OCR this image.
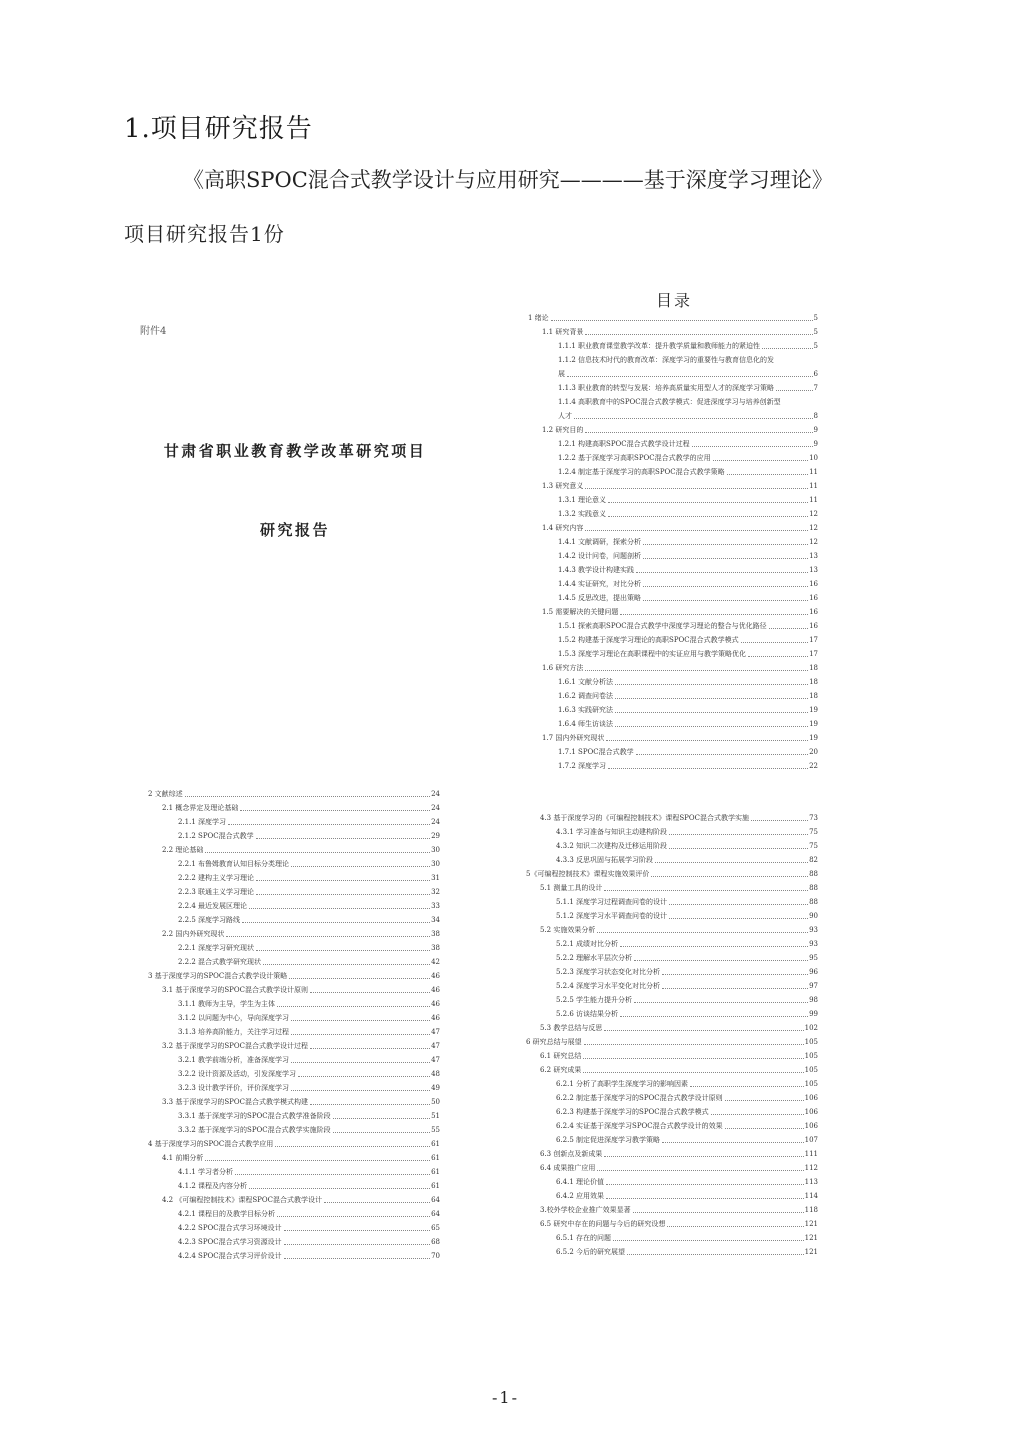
1.项目研究报告
《高职SPOC混合式教学设计与应用研究————基于深度学习理论》
项目研究报告1份
附件4
甘肃省职业教育教学改革研究项目
研究报告
目录
1 绪论	5
1.1 研究背景	5
1.1.1 职业教育课堂教学改革：提升教学质量和教师能力的紧迫性	5
1.1.2 信息技术时代的教育改革：深度学习的重要性与教育信息化的发
展	6
1.1.3 职业教育的转型与发展：培养高质量实用型人才的深度学习策略	7
1.1.4 高职教育中的SPOC混合式教学模式：促进深度学习与培养创新型
人才	8
1.2 研究目的	9
1.2.1 构建高职SPOC混合式教学设计过程	9
1.2.2 基于深度学习高职SPOC混合式教学的应用	10
1.2.4 制定基于深度学习的高职SPOC混合式教学策略	11
1.3 研究意义	11
1.3.1 理论意义	11
1.3.2 实践意义	12
1.4 研究内容	12
1.4.1 文献调研，探索分析	12
1.4.2 设计问卷，问题剖析	13
1.4.3 教学设计构建实践	13
1.4.4 实证研究，对比分析	16
1.4.5 反思改进，提出策略	16
1.5 需要解决的关键问题	16
1.5.1 探索高职SPOC混合式教学中深度学习理论的整合与优化路径	16
1.5.2 构建基于深度学习理论的高职SPOC混合式教学模式	17
1.5.3 深度学习理论在高职课程中的实证应用与教学策略优化	17
1.6 研究方法	18
1.6.1 文献分析法	18
1.6.2 调查问卷法	18
1.6.3 实践研究法	19
1.6.4 师生访谈法	19
1.7 国内外研究现状	19
1.7.1 SPOC混合式教学	20
1.7.2 深度学习	22
2 文献综述	24
2.1 概念界定及理论基础	24
2.1.1 深度学习	24
2.1.2 SPOC混合式教学	29
2.2 理论基础	30
2.2.1 布鲁姆教育认知目标分类理论	30
2.2.2 建构主义学习理论	31
2.2.3 联通主义学习理论	32
2.2.4 最近发展区理论	33
2.2.5 深度学习路线	34
2.2 国内外研究现状	38
2.2.1 深度学习研究现状	38
2.2.2 混合式教学研究现状	42
3 基于深度学习的SPOC混合式教学设计策略	46
3.1 基于深度学习的SPOC混合式教学设计原则	46
3.1.1 教师为主导，学生为主体	46
3.1.2 以问题为中心，导向深度学习	46
3.1.3 培养高阶能力，关注学习过程	47
3.2 基于深度学习的SPOC混合式教学设计过程	47
3.2.1 教学前端分析，准备深度学习	47
3.2.2 设计资源及活动，引发深度学习	48
3.2.3 设计教学评价，评价深度学习	49
3.3 基于深度学习的SPOC混合式教学模式构建	50
3.3.1 基于深度学习的SPOC混合式教学准备阶段	51
3.3.2 基于深度学习的SPOC混合式教学实施阶段	55
4 基于深度学习的SPOC混合式教学应用	61
4.1 前期分析	61
4.1.1 学习者分析	61
4.1.2 课程及内容分析	61
4.2 《可编程控制技术》课程SPOC混合式教学设计	64
4.2.1 课程目的及教学目标分析	64
4.2.2 SPOC混合式学习环境设计	65
4.2.3 SPOC混合式学习资源设计	68
4.2.4 SPOC混合式学习评价设计	70
4.3 基于深度学习的《可编程控制技术》课程SPOC混合式教学实施	73
4.3.1 学习准备与知识主动建构阶段	75
4.3.2 知识二次建构及迁移运用阶段	75
4.3.3 反思巩固与拓展学习阶段	82
5《可编程控制技术》课程实施效果评价	88
5.1 测量工具的设计	88
5.1.1 深度学习过程调查问卷的设计	88
5.1.2 深度学习水平调查问卷的设计	90
5.2 实施效果分析	93
5.2.1 成绩对比分析	93
5.2.2 理解水平层次分析	95
5.2.3 深度学习状态变化对比分析	96
5.2.4 深度学习水平变化对比分析	97
5.2.5 学生能力提升分析	98
5.2.6 访谈结果分析	99
5.3 教学总结与反思	102
6 研究总结与展望	105
6.1 研究总结	105
6.2 研究成果	105
6.2.1 分析了高职学生深度学习的影响因素	105
6.2.2 制定基于深度学习的SPOC混合式教学设计原则	106
6.2.3 构建基于深度学习的SPOC混合式教学模式	106
6.2.4 实证基于深度学习SPOC混合式教学设计的效果	106
6.2.5 制定促进深度学习教学策略	107
6.3 创新点及新成果	111
6.4 成果推广应用	112
6.4.1 理论价值	113
6.4.2 应用效果	114
3.校外学校企业推广效果显著	118
6.5 研究中存在的问题与今后的研究设想	121
6.5.1 存在的问题	121
6.5.2 今后的研究展望	121
-1-
